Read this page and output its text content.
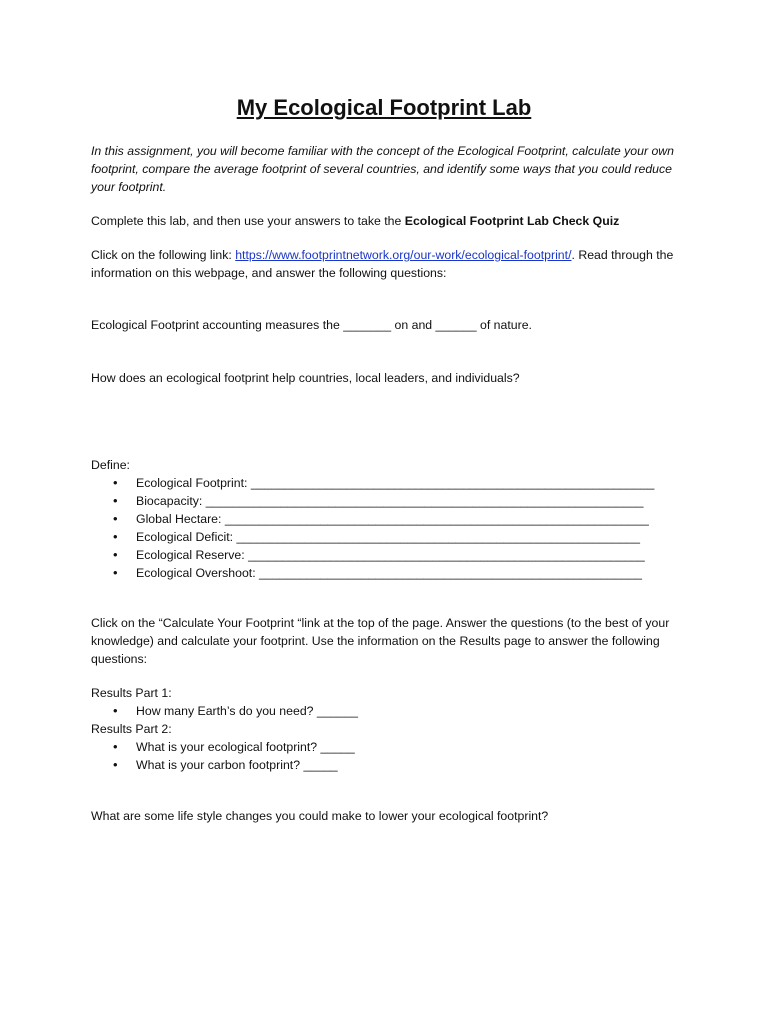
My Ecological Footprint Lab

In this assignment, you will become familiar with the concept of the Ecological Footprint, calculate your own footprint, compare the average footprint of several countries, and identify some ways that you could reduce your footprint.

Complete this lab, and then use your answers to take the Ecological Footprint Lab Check Quiz

Click on the following link: https://www.footprintnetwork.org/our-work/ecological-footprint/. Read through the information on this webpage, and answer the following questions:

Ecological Footprint accounting measures the _______ on and ______ of nature.

How does an ecological footprint help countries, local leaders, and individuals?

Define:
• Ecological Footprint: ___________________________________________________________
• Biocapacity: ________________________________________________________________
• Global Hectare: ______________________________________________________________
• Ecological Deficit: ___________________________________________________________
• Ecological Reserve: __________________________________________________________
• Ecological Overshoot: ________________________________________________________

Click on the “Calculate Your Footprint “link at the top of the page. Answer the questions (to the best of your knowledge) and calculate your footprint. Use the information on the Results page to answer the following questions:

Results Part 1:
• How many Earth’s do you need? ______
Results Part 2:
• What is your ecological footprint? _____
• What is your carbon footprint? _____

What are some life style changes you could make to lower your ecological footprint?
